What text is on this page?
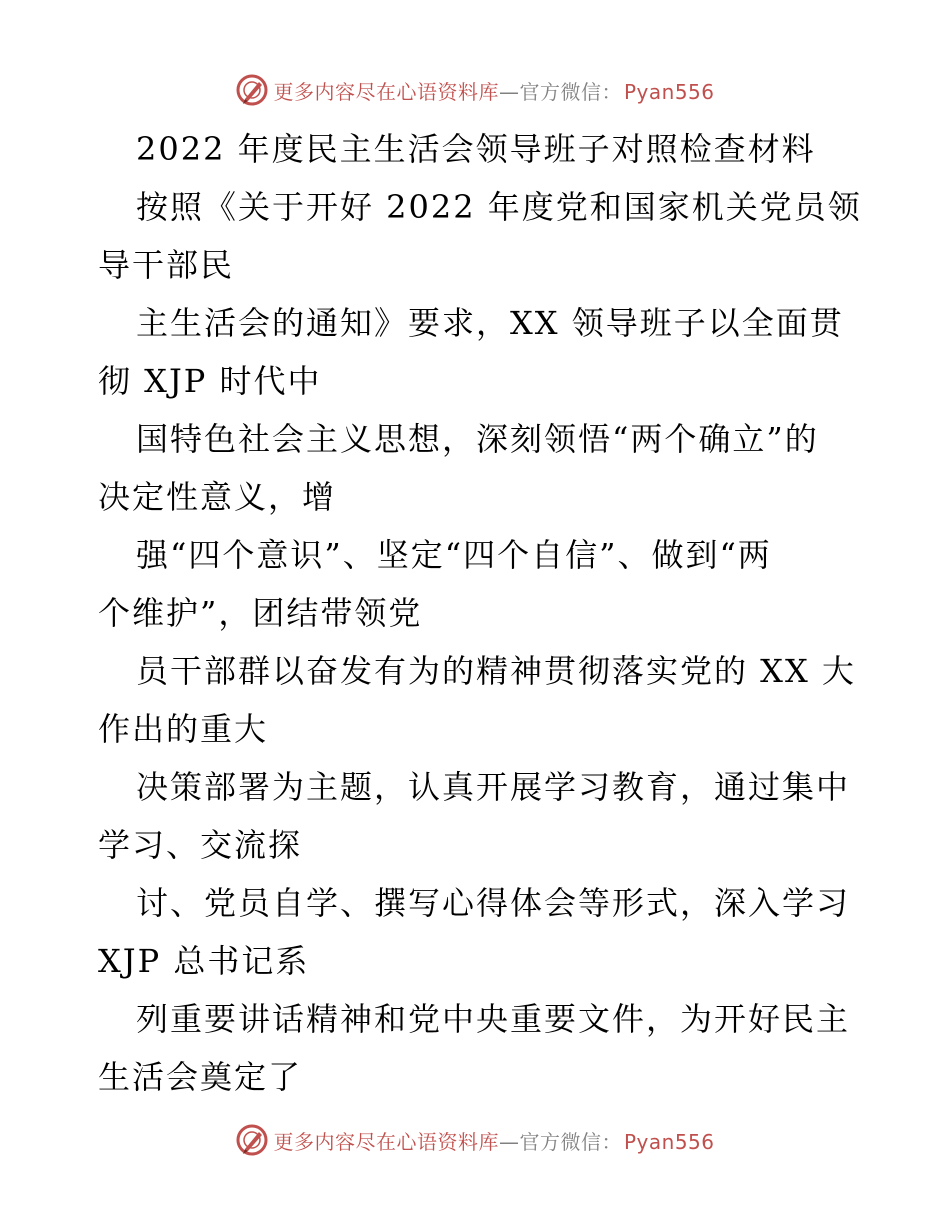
更多内容尽在心语资料库—官方微信： Pyan556
2022 年度民主生活会领导班子对照检查材料
按照《关于开好 2022 年度党和国家机关党员领
导干部民
主生活会的通知》要求，XX 领导班子以全面贯
彻 XJP 时代中
国特色社会主义思想，深刻领悟“两个确立”的
决定性意义，增
强“四个意识”、坚定“四个自信”、做到“两
个维护”，团结带领党
员干部群以奋发有为的精神贯彻落实党的 XX 大
作出的重大
决策部署为主题，认真开展学习教育，通过集中
学习、交流探
讨、党员自学、撰写心得体会等形式，深入学习
XJP 总书记系
列重要讲话精神和党中央重要文件，为开好民主
生活会奠定了
更多内容尽在心语资料库—官方微信： Pyan556
